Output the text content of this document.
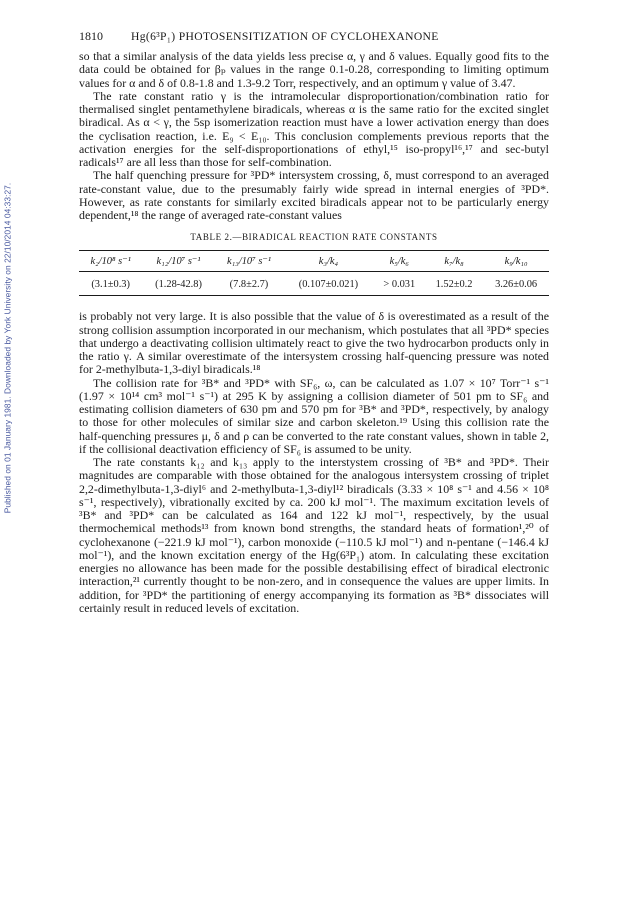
Published on 01 January 1981. Downloaded by York University on 22/10/2014 04:33:27.
1810	Hg(6³P₁) PHOTOSENSITIZATION OF CYCLOHEXANONE

so that a similar analysis of the data yields less precise α, γ and δ values. Equally good fits to the data could be obtained for βₚ values in the range 0.1-0.28, corresponding to limiting optimum values for α and δ of 0.8-1.8 and 1.3-9.2 Torr, respectively, and an optimum γ value of 3.47.

The rate constant ratio γ is the intramolecular disproportionation/combination ratio for thermalised singlet pentamethylene biradicals, whereas α is the same ratio for the excited singlet biradical. As α < γ, the 5sp isomerization reaction must have a lower activation energy than does the cyclisation reaction, i.e. E₉ < E₁₀. This conclusion complements previous reports that the activation energies for the self-disproportionations of ethyl,¹⁵ iso-propyl¹⁶,¹⁷ and sec-butyl radicals¹⁷ are all less than those for self-combination.

The half quenching pressure for ³PD* intersystem crossing, δ, must correspond to an averaged rate-constant value, due to the presumably fairly wide spread in internal energies of ³PD*. However, as rate constants for similarly excited biradicals appear not to be particularly energy dependent,¹⁸ the range of averaged rate-constant values

TABLE 2.—BIRADICAL REACTION RATE CONSTANTS
k₂/10⁸ s⁻¹	k₁₂/10⁷ s⁻¹	k₁₃/10⁷ s⁻¹	k₃/k₄	k₅/k₆	k₇/k₈	k₉/k₁₀
(3.1±0.3)	(1.28-42.8)	(7.8±2.7)	(0.107±0.021)	> 0.031	1.52±0.2	3.26±0.06

is probably not very large. It is also possible that the value of δ is overestimated as a result of the strong collision assumption incorporated in our mechanism, which postulates that all ³PD* species that undergo a deactivating collision ultimately react to give the two hydrocarbon products only in the ratio γ. A similar overestimate of the intersystem crossing half-quencing pressure was noted for 2-methylbuta-1,3-diyl biradicals.¹⁸

The collision rate for ³B* and ³PD* with SF₆, ω, can be calculated as 1.07 × 10⁷ Torr⁻¹ s⁻¹ (1.97 × 10¹⁴ cm³ mol⁻¹ s⁻¹) at 295 K by assigning a collision diameter of 501 pm to SF₆ and estimating collision diameters of 630 pm and 570 pm for ³B* and ³PD*, respectively, by analogy to those for other molecules of similar size and carbon skeleton.¹⁹ Using this collision rate the half-quenching pressures μ, δ and ρ can be converted to the rate constant values, shown in table 2, if the collisional deactivation efficiency of SF₆ is assumed to be unity.

The rate constants k₁₂ and k₁₃ apply to the interstystem crossing of ³B* and ³PD*. Their magnitudes are comparable with those obtained for the analogous intersystem crossing of triplet 2,2-dimethylbuta-1,3-diyl⁶ and 2-methylbuta-1,3-diyl¹² biradicals (3.33 × 10⁸ s⁻¹ and 4.56 × 10⁸ s⁻¹, respectively), vibrationally excited by ca. 200 kJ mol⁻¹. The maximum excitation levels of ³B* and ³PD* can be calculated as 164 and 122 kJ mol⁻¹, respectively, by the usual thermochemical methods¹³ from known bond strengths, the standard heats of formation¹,²⁰ of cyclohexanone (−221.9 kJ mol⁻¹), carbon monoxide (−110.5 kJ mol⁻¹) and n-pentane (−146.4 kJ mol⁻¹), and the known excitation energy of the Hg(6³P₁) atom. In calculating these excitation energies no allowance has been made for the possible destabilising effect of biradical electronic interaction,²¹ currently thought to be non-zero, and in consequence the values are upper limits. In addition, for ³PD* the partitioning of energy accompanying its formation as ³B* dissociates will certainly result in reduced levels of excitation.
